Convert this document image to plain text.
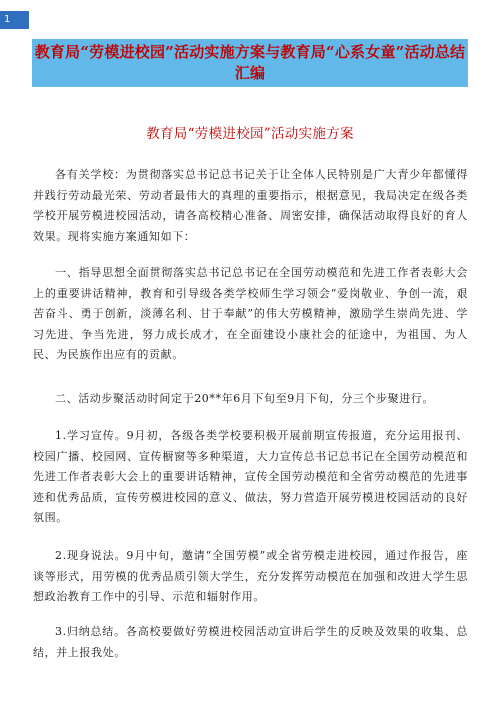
1
教育局“劳模进校园”活动实施方案与教育局“心系女童”活动总结汇编
教育局“劳模进校园”活动实施方案

各有关学校：为贯彻落实总书记总书记关于让全体人民特别是广大青少年都懂得并践行劳动最光荣、劳动者最伟大的真理的重要指示，根据意见，我局决定在级各类学校开展劳模进校园活动，请各高校精心准备、周密安排，确保活动取得良好的育人效果。现将实施方案通知如下：

一、指导思想全面贯彻落实总书记总书记在全国劳动模范和先进工作者表彰大会上的重要讲话精神，教育和引导级各类学校师生学习领会“爱岗敬业、争创一流，艰苦奋斗、勇于创新，淡薄名利、甘于奉献”的伟大劳模精神，激励学生崇尚先进、学习先进、争当先进，努力成长成才，在全面建设小康社会的征途中，为祖国、为人民、为民族作出应有的贡献。

二、活动步聚活动时间定于20**年6月下旬至9月下旬，分三个步聚进行。

1.学习宣传。9月初，各级各类学校要积极开展前期宣传报道，充分运用报刊、校园广播、校园网、宣传橱窗等多种渠道，大力宣传总书记总书记在全国劳动模范和先进工作者表彰大会上的重要讲话精神，宣传全国劳动模范和全省劳动模范的先进事迹和优秀品质，宣传劳模进校园的意义、做法，努力营造开展劳模进校园活动的良好氛围。

2.现身说法。9月中旬，邀请“全国劳模”或全省劳模走进校园，通过作报告，座谈等形式，用劳模的优秀品质引领大学生，充分发挥劳动模范在加强和改进大学生思想政治教育工作中的引导、示范和辐射作用。

3.归纳总结。各高校要做好劳模进校园活动宣讲后学生的反映及效果的收集、总结，并上报我处。
